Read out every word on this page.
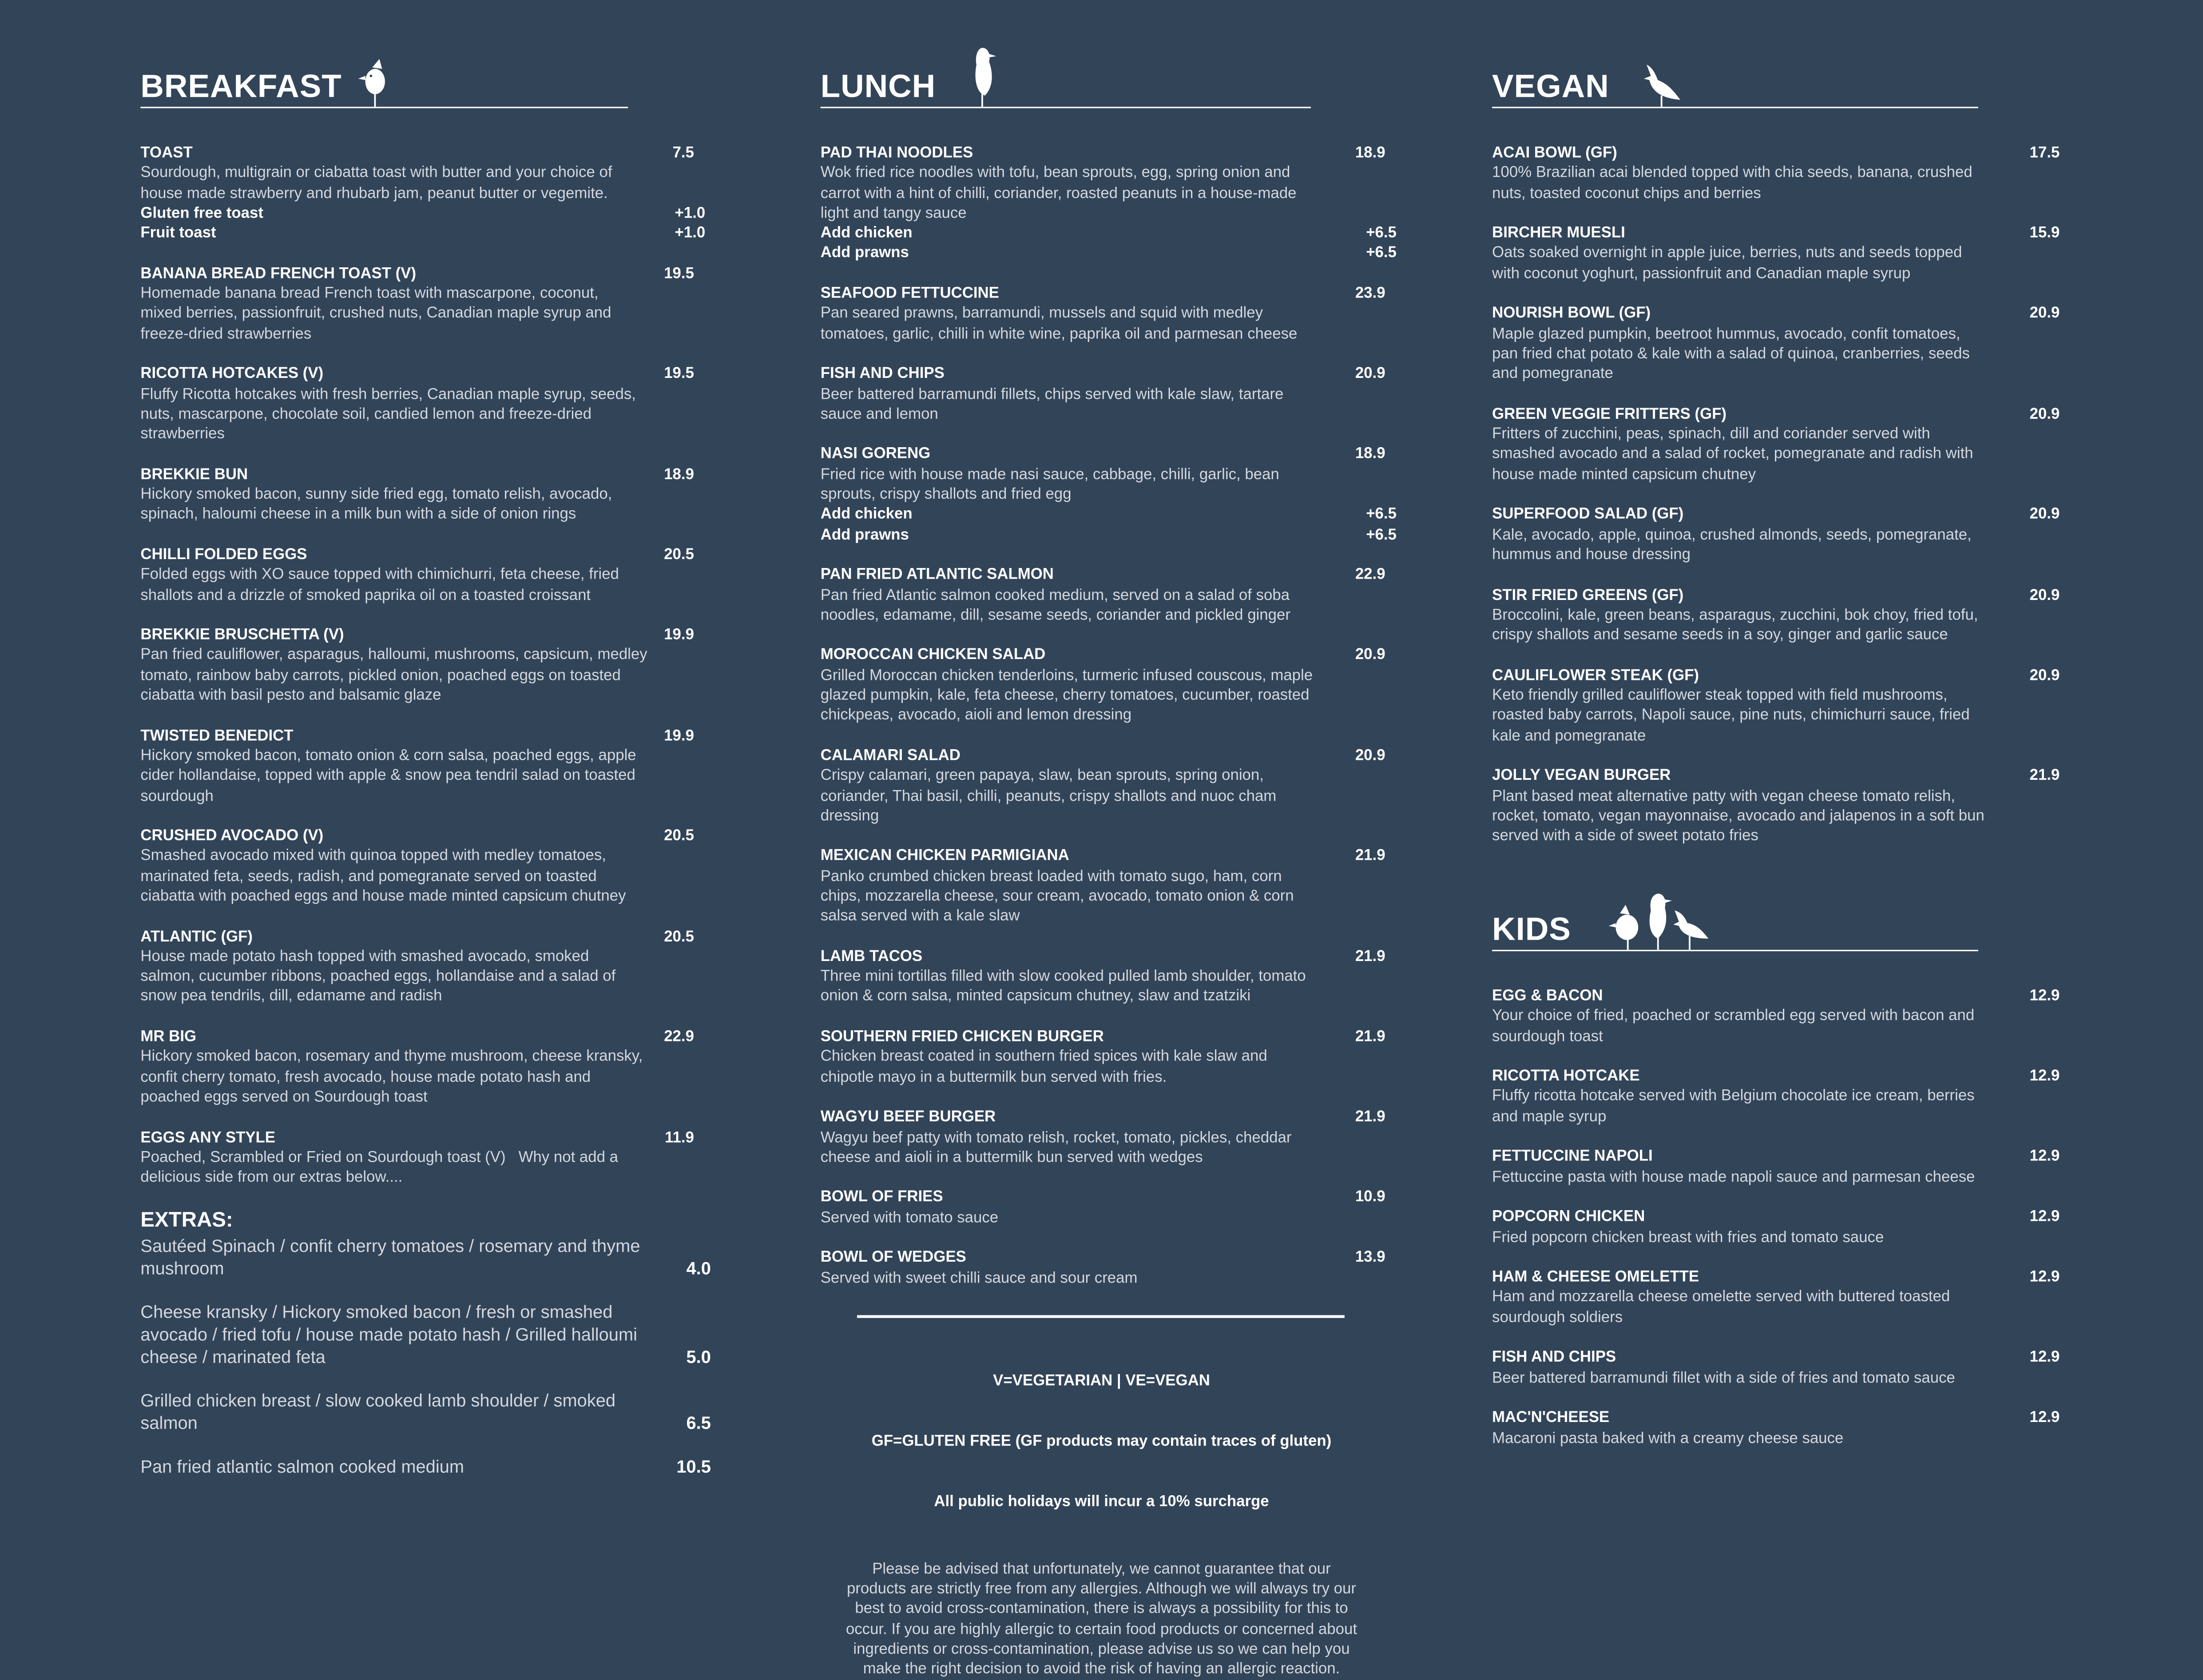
BREAKFAST
TOAST	7.5
Sourdough, multigrain or ciabatta toast with butter and your choice of
house made strawberry and rhubarb jam, peanut butter or vegemite.
Gluten free toast	+1.0
Fruit toast	+1.0
BANANA BREAD FRENCH TOAST (V)	19.5
Homemade banana bread French toast with mascarpone, coconut,
mixed berries, passionfruit, crushed nuts, Canadian maple syrup and
freeze-dried strawberries
RICOTTA HOTCAKES (V)	19.5
Fluffy Ricotta hotcakes with fresh berries, Canadian maple syrup, seeds,
nuts, mascarpone, chocolate soil, candied lemon and freeze-dried
strawberries
BREKKIE BUN	18.9
Hickory smoked bacon, sunny side fried egg, tomato relish, avocado,
spinach, haloumi cheese in a milk bun with a side of onion rings
CHILLI FOLDED EGGS	20.5
Folded eggs with XO sauce topped with chimichurri, feta cheese, fried
shallots and a drizzle of smoked paprika oil on a toasted croissant
BREKKIE BRUSCHETTA (V)	19.9
Pan fried cauliflower, asparagus, halloumi, mushrooms, capsicum, medley
tomato, rainbow baby carrots, pickled onion, poached eggs on toasted
ciabatta with basil pesto and balsamic glaze
TWISTED BENEDICT	19.9
Hickory smoked bacon, tomato onion & corn salsa, poached eggs, apple
cider hollandaise, topped with apple & snow pea tendril salad on toasted
sourdough
CRUSHED AVOCADO (V)	20.5
Smashed avocado mixed with quinoa topped with medley tomatoes,
marinated feta, seeds, radish, and pomegranate served on toasted
ciabatta with poached eggs and house made minted capsicum chutney
ATLANTIC (GF)	20.5
House made potato hash topped with smashed avocado, smoked
salmon, cucumber ribbons, poached eggs, hollandaise and a salad of
snow pea tendrils, dill, edamame and radish
MR BIG	22.9
Hickory smoked bacon, rosemary and thyme mushroom, cheese kransky,
confit cherry tomato, fresh avocado, house made potato hash and
poached eggs served on Sourdough toast
EGGS ANY STYLE	11.9
Poached, Scrambled or Fried on Sourdough toast (V)   Why not add a
delicious side from our extras below....
EXTRAS:
Sautéed Spinach / confit cherry tomatoes / rosemary and thyme
mushroom	4.0
Cheese kransky / Hickory smoked bacon / fresh or smashed
avocado / fried tofu / house made potato hash / Grilled halloumi
cheese / marinated feta	5.0
Grilled chicken breast / slow cooked lamb shoulder / smoked
salmon	6.5
Pan fried atlantic salmon cooked medium	10.5
LUNCH
PAD THAI NOODLES	18.9
Wok fried rice noodles with tofu, bean sprouts, egg, spring onion and
carrot with a hint of chilli, coriander, roasted peanuts in a house-made
light and tangy sauce
Add chicken	+6.5
Add prawns	+6.5
SEAFOOD FETTUCCINE	23.9
Pan seared prawns, barramundi, mussels and squid with medley
tomatoes, garlic, chilli in white wine, paprika oil and parmesan cheese
FISH AND CHIPS	20.9
Beer battered barramundi fillets, chips served with kale slaw, tartare
sauce and lemon
NASI GORENG	18.9
Fried rice with house made nasi sauce, cabbage, chilli, garlic, bean
sprouts, crispy shallots and fried egg
Add chicken	+6.5
Add prawns	+6.5
PAN FRIED ATLANTIC SALMON	22.9
Pan fried Atlantic salmon cooked medium, served on a salad of soba
noodles, edamame, dill, sesame seeds, coriander and pickled ginger
MOROCCAN CHICKEN SALAD	20.9
Grilled Moroccan chicken tenderloins, turmeric infused couscous, maple
glazed pumpkin, kale, feta cheese, cherry tomatoes, cucumber, roasted
chickpeas, avocado, aioli and lemon dressing
CALAMARI SALAD	20.9
Crispy calamari, green papaya, slaw, bean sprouts, spring onion,
coriander, Thai basil, chilli, peanuts, crispy shallots and nuoc cham
dressing
MEXICAN CHICKEN PARMIGIANA	21.9
Panko crumbed chicken breast loaded with tomato sugo, ham, corn
chips, mozzarella cheese, sour cream, avocado, tomato onion & corn
salsa served with a kale slaw
LAMB TACOS	21.9
Three mini tortillas filled with slow cooked pulled lamb shoulder, tomato
onion & corn salsa, minted capsicum chutney, slaw and tzatziki
SOUTHERN FRIED CHICKEN BURGER	21.9
Chicken breast coated in southern fried spices with kale slaw and
chipotle mayo in a buttermilk bun served with fries.
WAGYU BEEF BURGER	21.9
Wagyu beef patty with tomato relish, rocket, tomato, pickles, cheddar
cheese and aioli in a buttermilk bun served with wedges
BOWL OF FRIES	10.9
Served with tomato sauce
BOWL OF WEDGES	13.9
Served with sweet chilli sauce and sour cream
VEGAN
ACAI BOWL (GF)	17.5
100% Brazilian acai blended topped with chia seeds, banana, crushed
nuts, toasted coconut chips and berries
BIRCHER MUESLI	15.9
Oats soaked overnight in apple juice, berries, nuts and seeds topped
with coconut yoghurt, passionfruit and Canadian maple syrup
NOURISH BOWL (GF)	20.9
Maple glazed pumpkin, beetroot hummus, avocado, confit tomatoes,
pan fried chat potato & kale with a salad of quinoa, cranberries, seeds
and pomegranate
GREEN VEGGIE FRITTERS (GF)	20.9
Fritters of zucchini, peas, spinach, dill and coriander served with
smashed avocado and a salad of rocket, pomegranate and radish with
house made minted capsicum chutney
SUPERFOOD SALAD (GF)	20.9
Kale, avocado, apple, quinoa, crushed almonds, seeds, pomegranate,
hummus and house dressing
STIR FRIED GREENS (GF)	20.9
Broccolini, kale, green beans, asparagus, zucchini, bok choy, fried tofu,
crispy shallots and sesame seeds in a soy, ginger and garlic sauce
CAULIFLOWER STEAK (GF)	20.9
Keto friendly grilled cauliflower steak topped with field mushrooms,
roasted baby carrots, Napoli sauce, pine nuts, chimichurri sauce, fried
kale and pomegranate
JOLLY VEGAN BURGER	21.9
Plant based meat alternative patty with vegan cheese tomato relish,
rocket, tomato, vegan mayonnaise, avocado and jalapenos in a soft bun
served with a side of sweet potato fries
KIDS
EGG & BACON	12.9
Your choice of fried, poached or scrambled egg served with bacon and
sourdough toast
RICOTTA HOTCAKE	12.9
Fluffy ricotta hotcake served with Belgium chocolate ice cream, berries
and maple syrup
FETTUCCINE NAPOLI	12.9
Fettuccine pasta with house made napoli sauce and parmesan cheese
POPCORN CHICKEN	12.9
Fried popcorn chicken breast with fries and tomato sauce
HAM & CHEESE OMELETTE	12.9
Ham and mozzarella cheese omelette served with buttered toasted
sourdough soldiers
FISH AND CHIPS	12.9
Beer battered barramundi fillet with a side of fries and tomato sauce
MAC'N'CHEESE	12.9
Macaroni pasta baked with a creamy cheese sauce

V=VEGETARIAN | VE=VEGAN

GF=GLUTEN FREE (GF products may contain traces of gluten)

All public holidays will incur a 10% surcharge

Please be advised that unfortunately, we cannot guarantee that our
products are strictly free from any allergies. Although we will always try our
best to avoid cross-contamination, there is always a possibility for this to
occur. If you are highly allergic to certain food products or concerned about
ingredients or cross-contamination, please advise us so we can help you
make the right decision to avoid the risk of having an allergic reaction.
